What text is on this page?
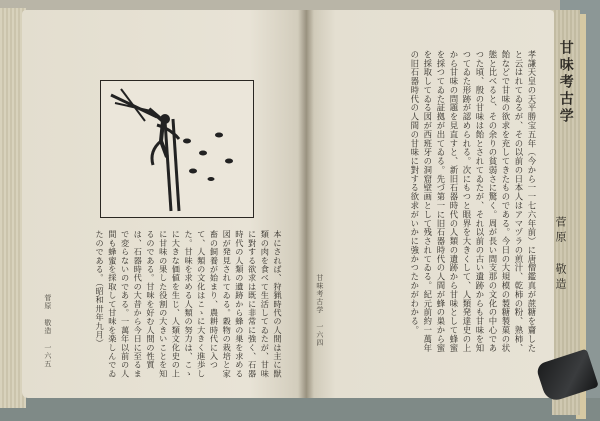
本にされば、狩猟時代の人間は主に獣類の肉を食べて生活してゐたが、甘味に對する欲求は既に非常に強く、石器時代の人類の遺跡から蜂の巣を求める図が発見されてゐる。穀物の栽培と家畜の飼養が始まり、農耕時代に入つて、人類の文化はこゝに大きく進歩した。甘味を求める人類の努力は、こゝに大きな価値を生じ、人類文化史の上に甘味の果した役割の大きいことを知るのである。甘味を好む人間の性質は、石器時代の大昔から今日に至るまで変らないのである。一萬年以前の人間も蜂蜜を採取して甘味を楽しんでゐたのである。（昭和卅年九月）
菅原 敬造 一六五
甘味考古学
菅原 敬造
孝謙天皇の天平勝宝五年（今から一一七六年前）に唐僧鑑真が蔗糖を齎したと云はれてゐるが、その以前の日本人はアマヅラの煎汁、乾柿の粉、熟柿、飴などで甘味の欲求を充してきたものである。今日の大規模の製糖製菓の状態と比べると、その余りの貧弱さに驚く。周が長い間支那の文化の中心であつた頃、殷の甘味は飴とされてゐたが、それ以前の古い遺跡からも甘味を知つてゐた形跡が認められる。次にもつと眼界を大きくして、人類発達史の上から甘味の問題を見直すと、新旧石器時代の人類の遺跡から甘味として蜂蜜を採つてゐた証拠が出てゐる。先づ第一に旧石器時代の人間が蜂の巣から蜜を採取してゐる図が西班牙の洞窟壁画として残されてゐる。紀元前約一萬年の旧石器時代の人間の甘味に對する欲求がいかに強かつたかがわかる。
甘味考古学 一六四
